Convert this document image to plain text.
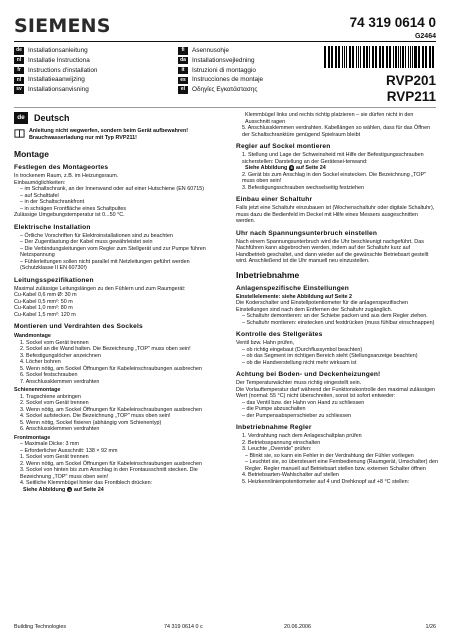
SIEMENS	74 319 0614 0
G2464
de Installationsanleitung
nl	Installatie Instructiona
fr	Instructions d'installation
nl	Installatieaanwijzing
sv Installationsanvisning
fi	Asennusohje
da Installationsvejledning
it	Istruzioni di montaggio
es Instrucciones de montaje
el	Οδηγίες Εγκατάστασης
RVP201
RVP211
de	Deutsch

Anleitung nicht wegwerfen, sondern beim Gerät aufbewahren!

Brauchwasserladung nur mit Typ RVP211!

Montage
Festlegen des Montageortes

In trockenem Raum, z.B. im Heizungsraum.

Einbaumöglichkeiten:

– im Schaltschrank, an der Innenwand oder auf einer Hutschiene (EN 60715)

– auf Schalttafel

– in der Schaltschrankfront

– in schrägen Frontfläche eines Schaltpultes

Zulässige Umgebungstemperatur ist 0...50 °C.

Elektrische Installation

– Örtliche Vorschriften für Elektroinstallationen sind zu beachten

– Der Zugentlastung der Kabel muss gewährleistet sein

– Die Verbindungsleitungen vom Regler zum Stellgerät und zur Pumpe führen Netzspannung

– Fühlerleitungen sollen nicht parallel mit Netzleitungen geführt werden (Schutzklasse II EN 60730!)

Leitungsspezifikationen

Maximal zulässige Leitungslängen zu den Fühlern und zum Raumgerät:

Cu-Kabel 0,6 mm Ø: 30 m

Cu-Kabel 0,5 mm²: 50 m

Cu-Kabel 1,0 mm²: 80 m

Cu-Kabel 1,5 mm²: 120 m

Montieren und Verdrahten des Sockels

Wandmontage

1. Sockel vom Gerät trennen

2. Sockel an die Wand halten. Die Bezeichnung „TOP" muss oben sein!

3. Befestigungslöcher anzeichnen

4. Löcher bohren

5. Wenn nötig, am Sockel Öffnungen für Kabeleinschraubungen ausbrechen

6. Sockel festschrauben

7. Anschlussklemmen verdrahten

Schienenmontage

1. Tragschiene anbringen

2. Sockel vom Gerät trennen

3. Wenn nötig, am Sockel Öffnungen für Kabeleinschraubungen ausbrechen

4. Sockel aufstecken. Die Bezeichnung „TOP" muss oben sein!

5. Wenn nötig, Sockel fixieren (abhängig vom Schienentyp)

6. Anschlussklemmen verdrahten

Frontmontage

– Maximale Dicke: 3 mm

– Erforderlicher Ausschnitt: 138 × 92 mm

1. Sockel vom Gerät trennen

2. Wenn nötig, am Sockel Öffnungen für Kabeleinschraubungen ausbrechen

3. Sockel von hinten bis zum Anschlag in den Frontausschnitt stecken. Die Bezeichnung „TOP" muss oben sein!

4. Seitliche Klemmbügel hinter das Frontblech drücken:

Siehe Abbildung 4 auf Seite 24

Klemmbügel links und rechts richtig platzieren – sie dürfen nicht in den Ausschnitt ragen

5. Anschlussklemmen verdrahten. Kabellängen so wählen, dass für das Öffnen der Schaltschranktüre genügend Spielraum bleibt

Regler auf Sockel montieren

1. Stellung und Lage der Schweinsheid mit Hilfe der Befestigungsschrauben sicherstellen: Darstellung an der Gerätesei-tenwand:

Siehe Abbildung 5 auf Seite 24

2. Gerät bis zum Anschlag in den Sockel einstecken. Die Bezeichnung „TOP" muss oben sein!

3. Befestigungsschrauben wechselseitig festziehen

Einbau einer Schaltuhr

Falls jetzt eine Schaltuhr einzubauen ist (Wochenschaltuhr oder digitale Schaltuhr), muss dazu die Bedienfeld im Deckel mit Hilfe eines Messers ausgeschnitten werden.

Uhr nach Spannungsunterbruch einstellen

Nach einem Spannungsunterbruch wird die Uhr beschleunigt nachgeführt. Das Nachführen kann abgebrochen werden, indem auf der Schaltuhr kurz auf Handbetrieb geschaltet, und dann wieder auf die gewünschte Betriebsart gestellt wird. Anschließend ist die Uhr manuell neu einzustellen.

Inbetriebnahme
Anlagenspezifische Einstellungen

Einstellelemente: siehe Abbildung auf Seite 2

Die Koderschalter und Einstellpotentiometer für die anlagenspezifischen Einstellungen sind nach dem Entfernen der Schaltuhr zugänglich.

– Schaltuhr demontieren: an der Schiebe packen und aus dem Regler ziehen.

– Schaltuhr montieren: einstecken und festdrücken (muss fühlbar einschnappen)

Kontrolle des Stellgerätes

Ventil bzw. Hahn prüfen,

– ob richtig eingebaut (Durchflussymbol beachten)

– ob das Segment im richtigen Bereich steht (Stellungsanzeige beachten)

– ob die Handverstellung nicht mehr wirksam ist

Achtung bei Boden- und Deckenheizungen!

Der Temperaturwächter muss richtig eingestellt sein.

Die Vorlauftemperatur darf während der Funktionskontrolle den maximal zulässigen Wert (normal: 55 °C) nicht überschreiten, sonst ist sofort entweder:

– das Ventil bzw. der Hahn von Hand zu schliessen

– die Pumpe abzuschalten

– der Pumpensabsperrschieber zu schliessen

Inbetriebnahme Regler

1. Verdrahtung nach dem Anlageschaltplan prüfen

2. Betriebsspannung einschalten

3. Leuchte „Override" prüfen:

– Blinkt sie, so kann ein Fehler in der Verdrahtung der Fühler vorliegen

– Leuchtet sie, so übersteuert eine Fernbedienung (Raumgerät, Umschalter) den Regler. Regler manuell auf Betriebsart stellen bzw. externen Schalter öffnen

4. Betriebsarten-Wahlschalter auf stellen

5. Heizkennlinienpotentiometer auf 4 und Drehknopf auf +8 °C stellen:

Building Technologies	74 319 0614 0 c	20.06.2006	1/26
